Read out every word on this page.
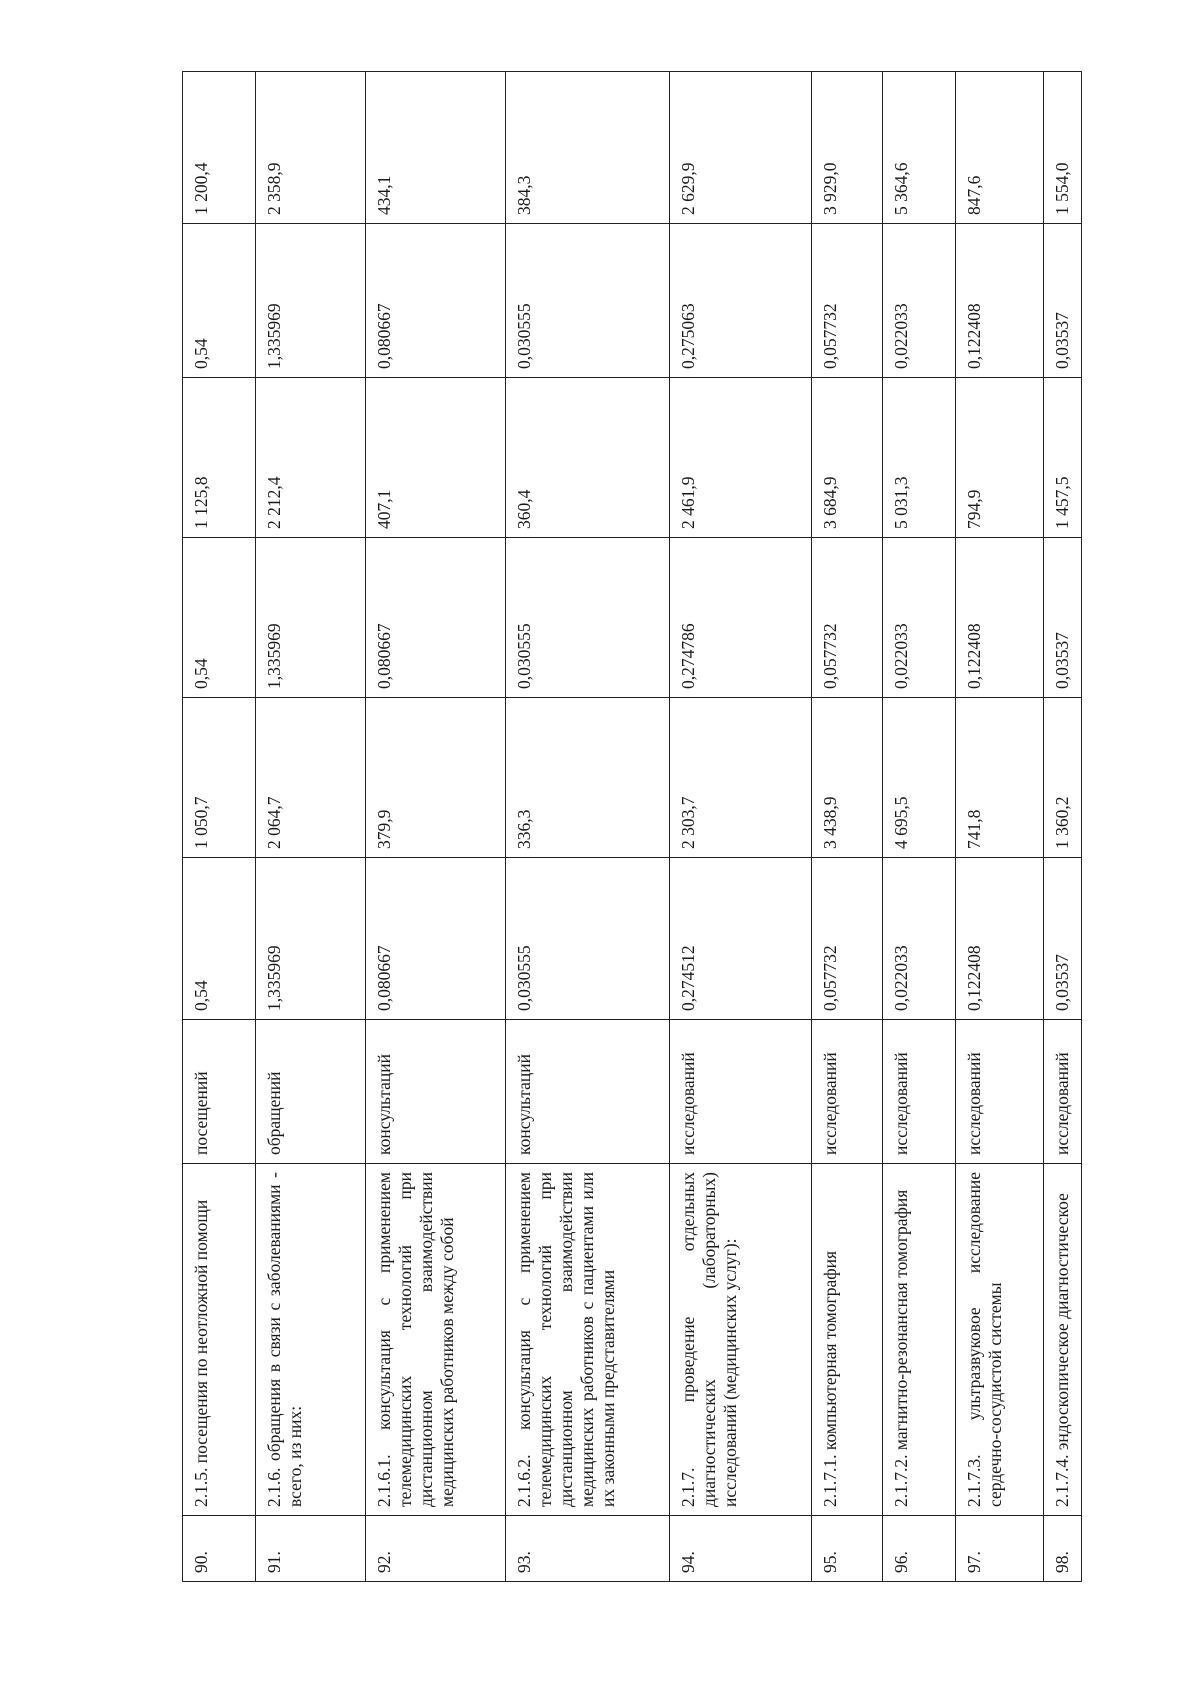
90.	2.1.5. посещения по неотложной помощи	посещений	0,54	1 050,7	0,54	1 125,8	0,54	1 200,4
91.	2.1.6. обращения в связи с заболеваниями - всего, из них:	обращений	1,335969	2 064,7	1,335969	2 212,4	1,335969	2 358,9
92.	2.1.6.1. консультация с применением телемедицинских технологий при дистанционном взаимодействии медицинских работников между собой	консультаций	0,080667	379,9	0,080667	407,1	0,080667	434,1
93.	2.1.6.2. консультация с применением телемедицинских технологий при дистанционном взаимодействии медицинских работников с пациентами или их законными представителями	консультаций	0,030555	336,3	0,030555	360,4	0,030555	384,3
94.	2.1.7. проведение отдельных диагностических (лабораторных) исследований (медицинских услуг):	исследований	0,274512	2 303,7	0,274786	2 461,9	0,275063	2 629,9
95.	2.1.7.1. компьютерная томография	исследований	0,057732	3 438,9	0,057732	3 684,9	0,057732	3 929,0
96.	2.1.7.2. магнитно-резонансная томография	исследований	0,022033	4 695,5	0,022033	5 031,3	0,022033	5 364,6
97.	2.1.7.3. ультразвуковое исследование сердечно-сосудистой системы	исследований	0,122408	741,8	0,122408	794,9	0,122408	847,6
98.	2.1.7.4. эндоскопическое диагностическое	исследований	0,03537	1 360,2	0,03537	1 457,5	0,03537	1 554,0
